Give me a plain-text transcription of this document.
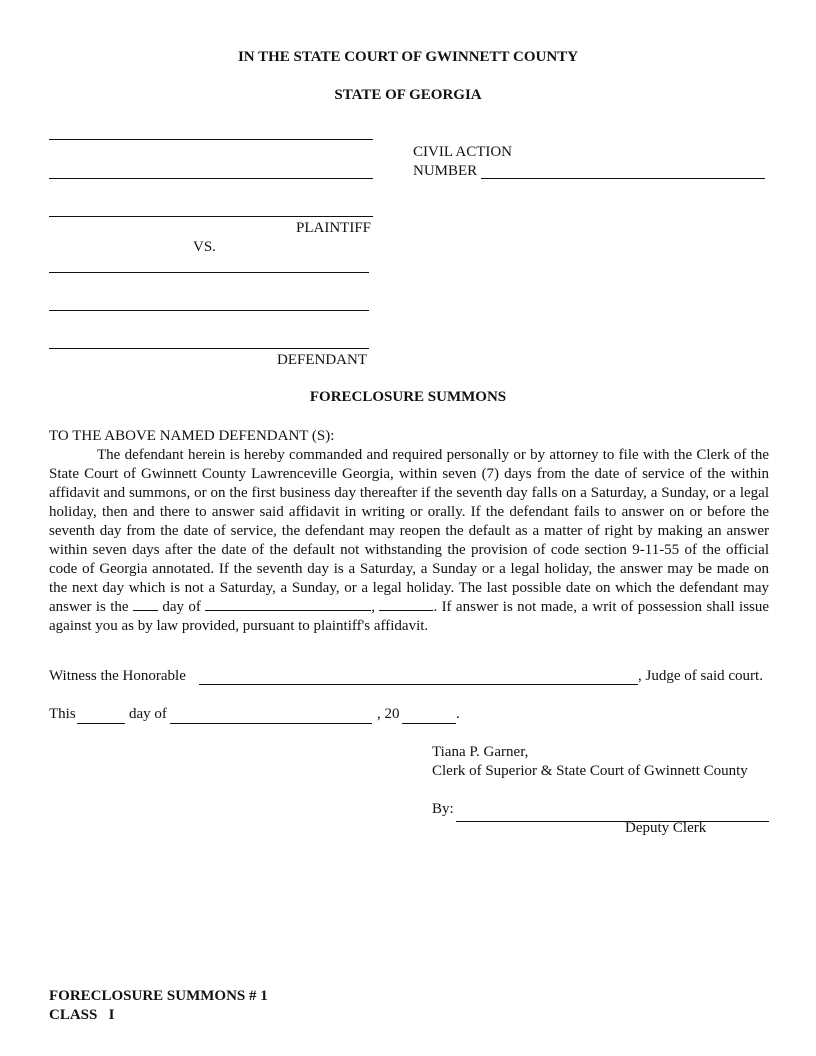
IN THE STATE COURT OF GWINNETT COUNTY
STATE OF GEORGIA
PLAINTIFF
VS.
DEFENDANT
CIVIL ACTION
NUMBER
FORECLOSURE SUMMONS
TO THE ABOVE NAMED DEFENDANT (S):
The defendant herein is hereby commanded and required personally or by attorney to file with the Clerk of the State Court of Gwinnett County Lawrenceville Georgia, within seven (7) days from the date of service of the within affidavit and summons, or on the first business day thereafter if the seventh day falls on a Saturday, a Sunday, or a legal holiday, then and there to answer said affidavit in writing or orally. If the defendant fails to answer on or before the seventh day from the date of service, the defendant may reopen the default as a matter of right by making an answer within seven days after the date of the default not withstanding the provision of code section 9-11-55 of the official code of Georgia annotated. If the seventh day is a Saturday, a Sunday or a legal holiday, the answer may be made on the next day which is not a Saturday, a Sunday, or a legal holiday. The last possible date on which the defendant may answer is the day of	,	. If answer is not made, a writ of possession shall issue against you as by law provided, pursuant to plaintiff's affidavit.
Witness the Honorable	, Judge of said court.
This	day of	, 20	.
Tiana P. Garner,
Clerk of Superior & State Court of Gwinnett County
By:
Deputy Clerk
FORECLOSURE SUMMONS # 1
CLASS   I
